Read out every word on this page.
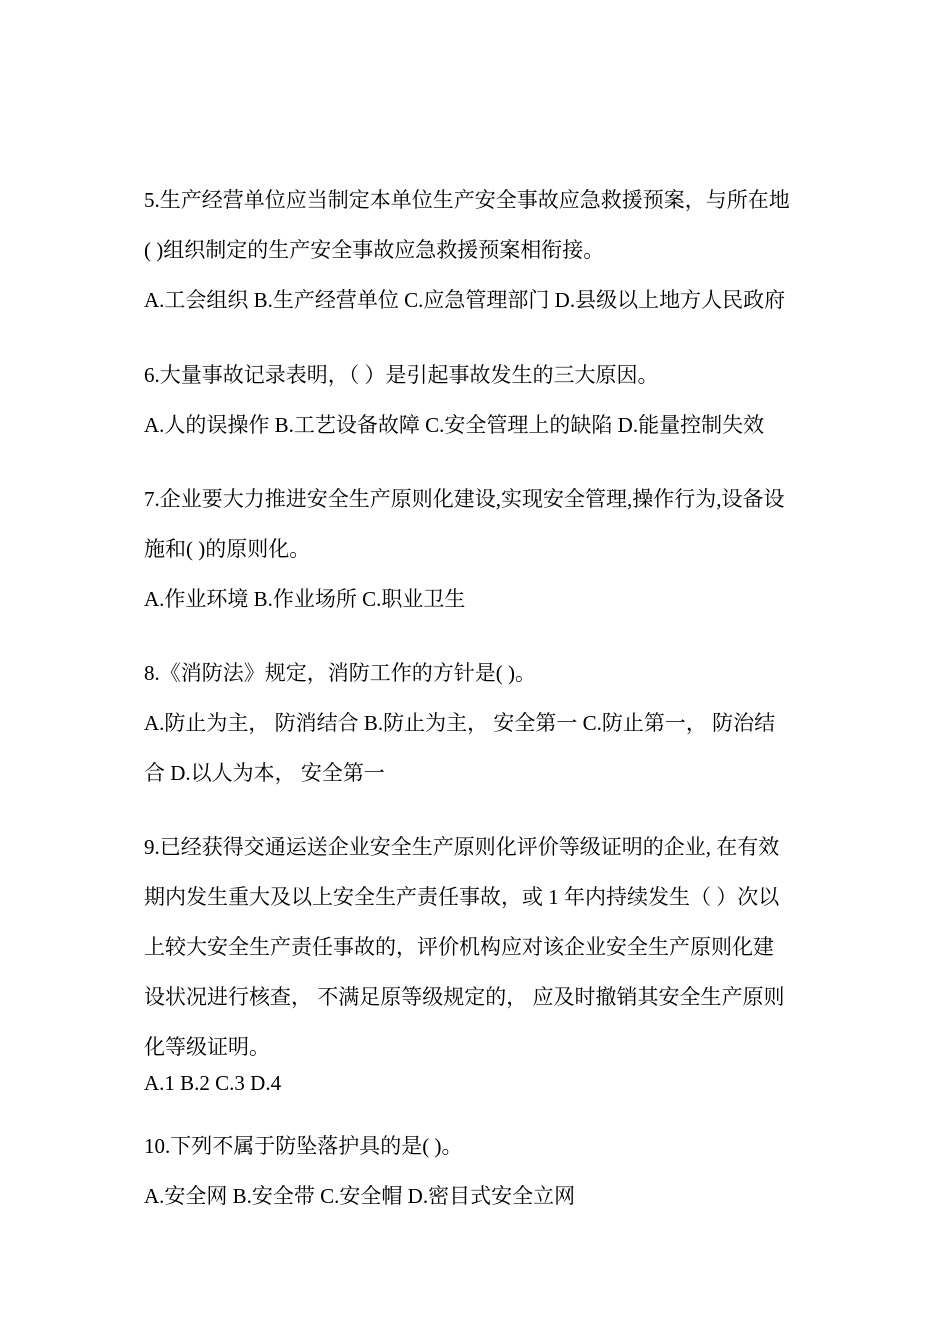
5.生产经营单位应当制定本单位生产安全事故应急救援预案，与所在地

( )组织制定的生产安全事故应急救援预案相衔接。

A.工会组织 B.生产经营单位 C.应急管理部门 D.县级以上地方人民政府

6.大量事故记录表明，（ ）是引起事故发生的三大原因。

A.人的误操作 B.工艺设备故障 C.安全管理上的缺陷 D.能量控制失效

7.企业要大力推进安全生产原则化建设,实现安全管理,操作行为,设备设

施和( )的原则化。

A.作业环境 B.作业场所 C.职业卫生

8.《消防法》规定，消防工作的方针是( )。

A.防止为主， 防消结合 B.防止为主， 安全第一 C.防止第一， 防治结

合 D.以人为本， 安全第一

9.已经获得交通运送企业安全生产原则化评价等级证明的企业, 在有效

期内发生重大及以上安全生产责任事故，或 1 年内持续发生（ ）次以

上较大安全生产责任事故的，评价机构应对该企业安全生产原则化建

设状况进行核查， 不满足原等级规定的， 应及时撤销其安全生产原则

化等级证明。

A.1 B.2 C.3 D.4

10.下列不属于防坠落护具的是( )。

A.安全网 B.安全带 C.安全帽 D.密目式安全立网
